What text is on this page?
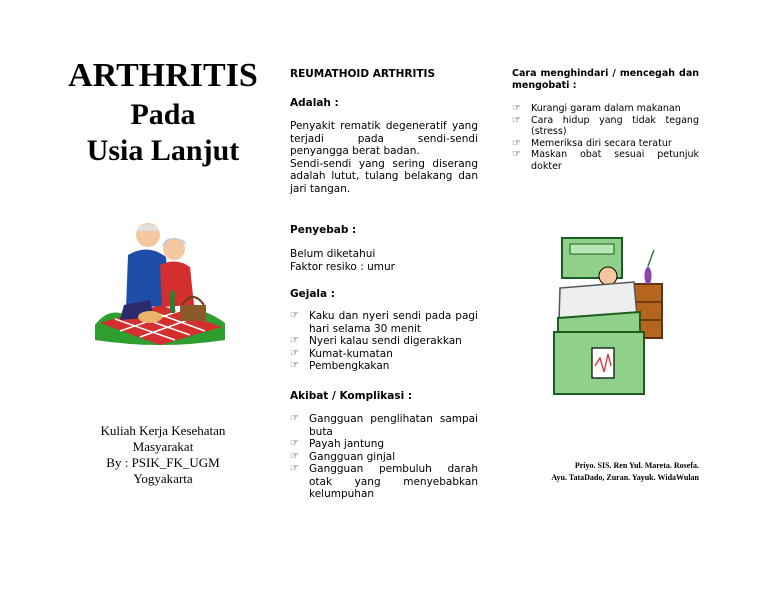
ARTHRITIS
Pada
Usia Lanjut
Kuliah Kerja Kesehatan
Masyarakat
By : PSIK_FK_UGM
Yogyakarta
REUMATHOID ARTHRITIS
Adalah :
Penyakit rematik degeneratif yang terjadi pada sendi-sendi penyangga berat badan.
Sendi-sendi yang sering diserang adalah lutut, tulang belakang dan jari tangan.
Penyebab :
Belum diketahui
Faktor resiko : umur
Gejala :
☞ Kaku dan nyeri sendi pada pagi hari selama 30 menit
☞ Nyeri kalau sendi digerakkan
☞ Kumat-kumatan
☞ Pembengkakan
Akibat / Komplikasi :
☞ Gangguan penglihatan sampai buta
☞ Payah jantung
☞ Gangguan ginjal
☞ Gangguan pembuluh darah otak yang menyebabkan kelumpuhan
Cara menghindari / mencegah dan mengobati :
☞ Kurangi garam dalam makanan
☞ Cara hidup yang tidak tegang (stress)
☞ Memeriksa diri secara teratur
☞ Maskan obat sesuai petunjuk dokter
Priyo. SIS. Ren Yul. Mareta. Rosefa.
Ayu. TataDado, Zuran. Yayuk. WidaWulan
